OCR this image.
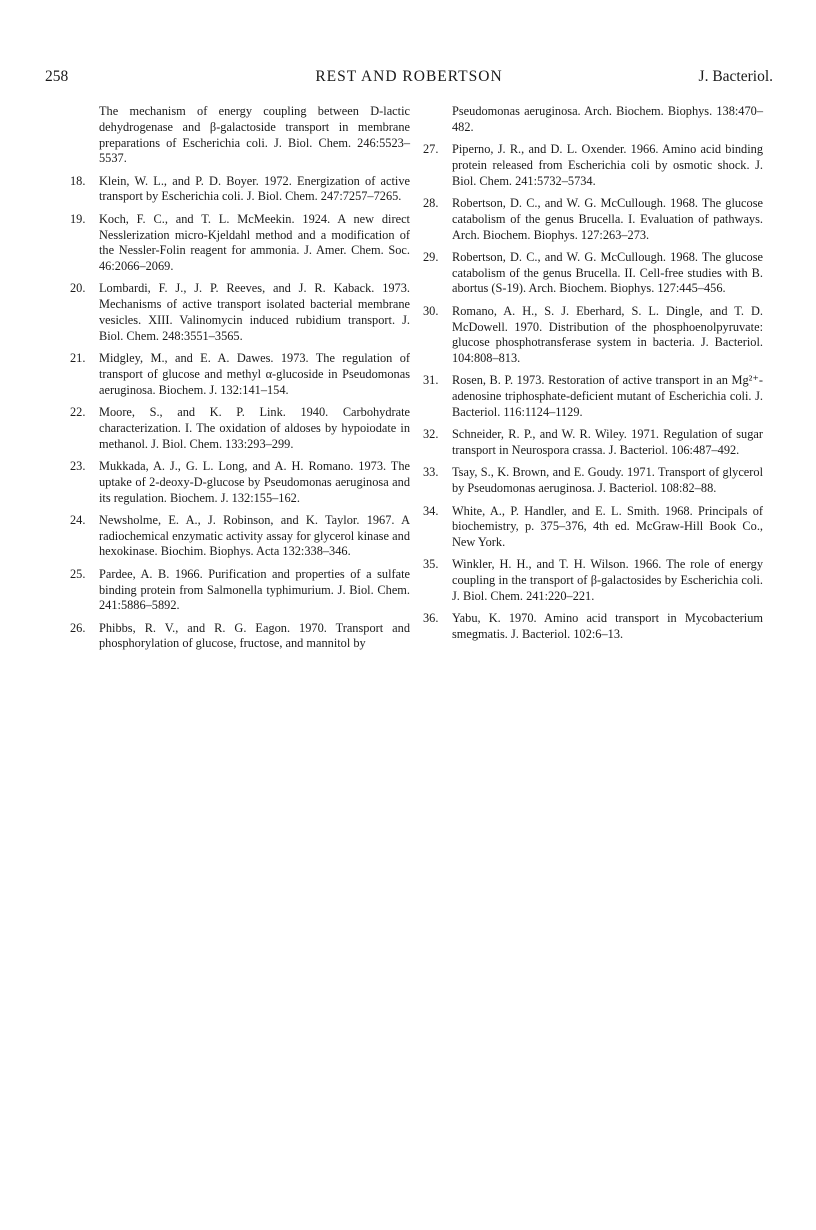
258	REST AND ROBERTSON	J. Bacteriol.
The mechanism of energy coupling between D-lactic dehydrogenase and β-galactoside transport in membrane preparations of Escherichia coli. J. Biol. Chem. 246:5523–5537.
18. Klein, W. L., and P. D. Boyer. 1972. Energization of active transport by Escherichia coli. J. Biol. Chem. 247:7257–7265.
19. Koch, F. C., and T. L. McMeekin. 1924. A new direct Nesslerization micro-Kjeldahl method and a modification of the Nessler-Folin reagent for ammonia. J. Amer. Chem. Soc. 46:2066–2069.
20. Lombardi, F. J., J. P. Reeves, and J. R. Kaback. 1973. Mechanisms of active transport isolated bacterial membrane vesicles. XIII. Valinomycin induced rubidium transport. J. Biol. Chem. 248:3551–3565.
21. Midgley, M., and E. A. Dawes. 1973. The regulation of transport of glucose and methyl α-glucoside in Pseudomonas aeruginosa. Biochem. J. 132:141–154.
22. Moore, S., and K. P. Link. 1940. Carbohydrate characterization. I. The oxidation of aldoses by hypoiodate in methanol. J. Biol. Chem. 133:293–299.
23. Mukkada, A. J., G. L. Long, and A. H. Romano. 1973. The uptake of 2-deoxy-D-glucose by Pseudomonas aeruginosa and its regulation. Biochem. J. 132:155–162.
24. Newsholme, E. A., J. Robinson, and K. Taylor. 1967. A radiochemical enzymatic activity assay for glycerol kinase and hexokinase. Biochim. Biophys. Acta 132:338–346.
25. Pardee, A. B. 1966. Purification and properties of a sulfate binding protein from Salmonella typhimurium. J. Biol. Chem. 241:5886–5892.
26. Phibbs, R. V., and R. G. Eagon. 1970. Transport and phosphorylation of glucose, fructose, and mannitol by
Pseudomonas aeruginosa. Arch. Biochem. Biophys. 138:470–482.
27. Piperno, J. R., and D. L. Oxender. 1966. Amino acid binding protein released from Escherichia coli by osmotic shock. J. Biol. Chem. 241:5732–5734.
28. Robertson, D. C., and W. G. McCullough. 1968. The glucose catabolism of the genus Brucella. I. Evaluation of pathways. Arch. Biochem. Biophys. 127:263–273.
29. Robertson, D. C., and W. G. McCullough. 1968. The glucose catabolism of the genus Brucella. II. Cell-free studies with B. abortus (S-19). Arch. Biochem. Biophys. 127:445–456.
30. Romano, A. H., S. J. Eberhard, S. L. Dingle, and T. D. McDowell. 1970. Distribution of the phosphoenolpyruvate: glucose phosphotransferase system in bacteria. J. Bacteriol. 104:808–813.
31. Rosen, B. P. 1973. Restoration of active transport in an Mg²⁺-adenosine triphosphate-deficient mutant of Escherichia coli. J. Bacteriol. 116:1124–1129.
32. Schneider, R. P., and W. R. Wiley. 1971. Regulation of sugar transport in Neurospora crassa. J. Bacteriol. 106:487–492.
33. Tsay, S., K. Brown, and E. Goudy. 1971. Transport of glycerol by Pseudomonas aeruginosa. J. Bacteriol. 108:82–88.
34. White, A., P. Handler, and E. L. Smith. 1968. Principals of biochemistry, p. 375–376, 4th ed. McGraw-Hill Book Co., New York.
35. Winkler, H. H., and T. H. Wilson. 1966. The role of energy coupling in the transport of β-galactosides by Escherichia coli. J. Biol. Chem. 241:220–221.
36. Yabu, K. 1970. Amino acid transport in Mycobacterium smegmatis. J. Bacteriol. 102:6–13.
